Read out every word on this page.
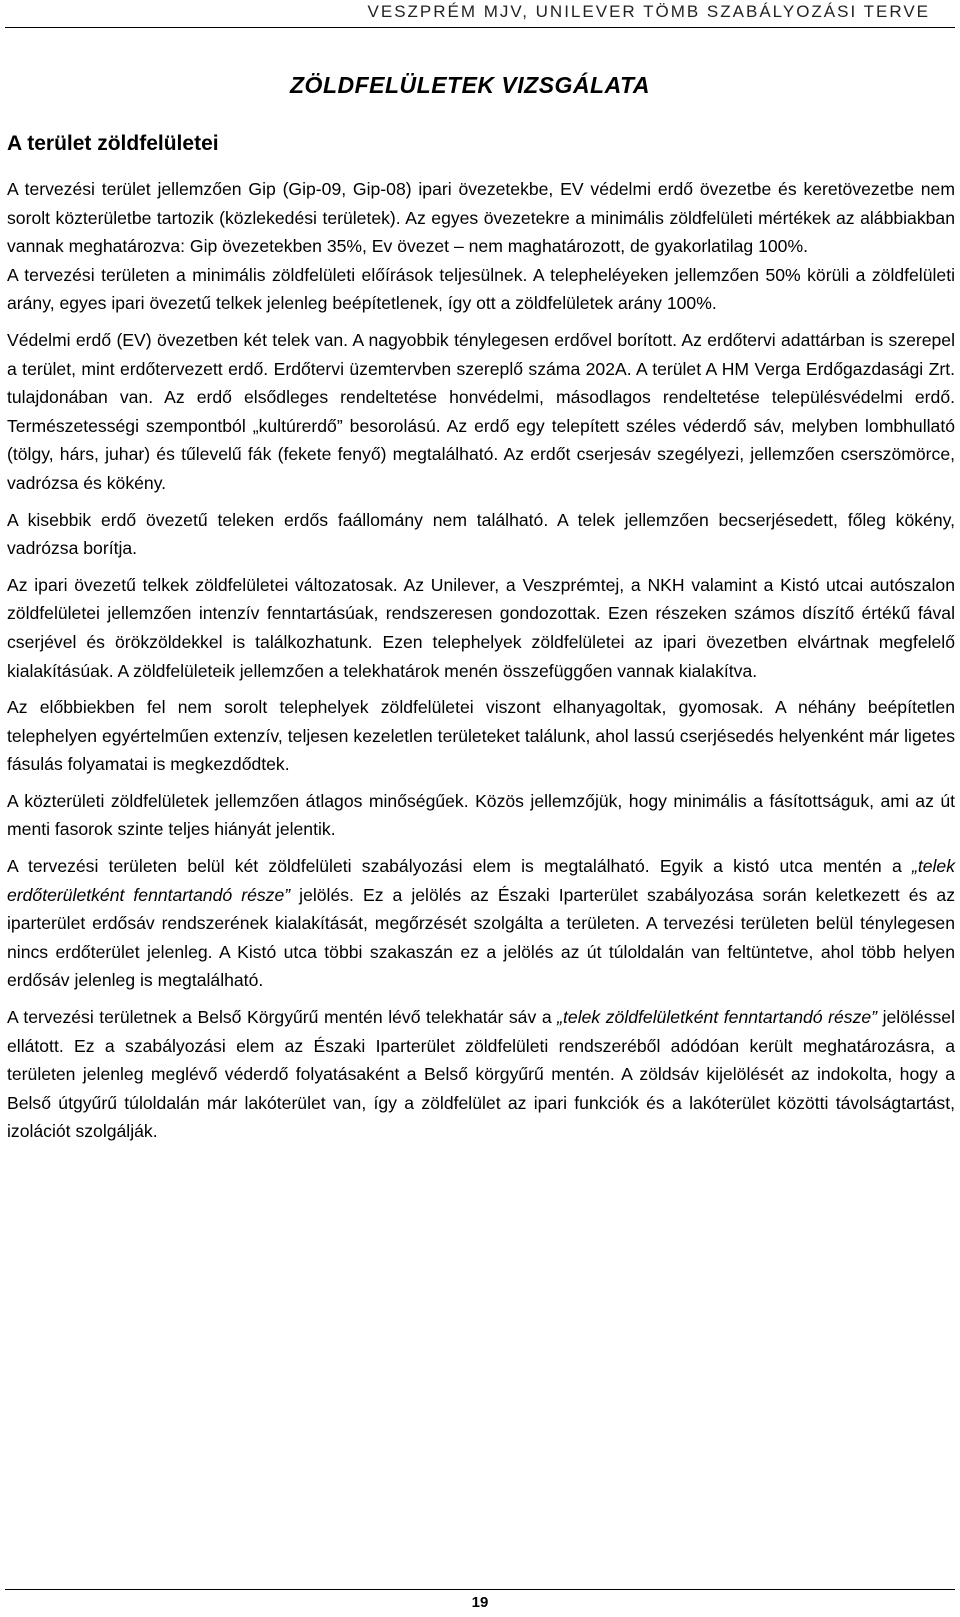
VESZPRÉM MJV, UNILEVER TÖMB SZABÁLYOZÁSI TERVE
ZÖLDFELÜLETEK VIZSGÁLATA
A terület zöldfelületei

A tervezési terület jellemzően Gip (Gip-09, Gip-08) ipari övezetekbe, EV védelmi erdő övezetbe és keretövezetbe nem sorolt közterületbe tartozik (közlekedési területek). Az egyes övezetekre a minimális zöldfelületi mértékek az alábbiakban vannak meghatározva: Gip övezetekben 35%, Ev övezet – nem maghatározott, de gyakorlatilag 100%.

A tervezési területen a minimális zöldfelületi előírások teljesülnek. A telepheléyeken jellemzően 50% körüli a zöldfelületi arány, egyes ipari övezetű telkek jelenleg beépítetlenek, így ott a zöldfelületek arány 100%.

Védelmi erdő (EV) övezetben két telek van. A nagyobbik ténylegesen erdővel borított. Az erdőtervi adattárban is szerepel a terület, mint erdőtervezett erdő. Erdőtervi üzemtervben szereplő száma 202A. A terület A HM Verga Erdőgazdasági Zrt. tulajdonában van. Az erdő elsődleges rendeltetése honvédelmi, másodlagos rendeltetése településvédelmi erdő. Természetességi szempontból „kultúrerdő” besorolású. Az erdő egy telepített széles véderdő sáv, melyben lombhullató (tölgy, hárs, juhar) és tűlevelű fák (fekete fenyő) megtalálható. Az erdőt cserjesáv szegélyezi, jellemzően cserszömörce, vadrózsa és kökény.

A kisebbik erdő övezetű teleken erdős faállomány nem található. A telek jellemzően becserjésedett, főleg kökény, vadrózsa borítja.

Az ipari övezetű telkek zöldfelületei változatosak. Az Unilever, a Veszprémtej, a NKH valamint a Kistó utcai autószalon zöldfelületei jellemzően intenzív fenntartásúak, rendszeresen gondozottak. Ezen részeken számos díszítő értékű fával cserjével és örökzöldekkel is találkozhatunk. Ezen telephelyek zöldfelületei az ipari övezetben elvártnak megfelelő kialakításúak. A zöldfelületeik jellemzően a telekhatárok menén összefüggően vannak kialakítva.

Az előbbiekben fel nem sorolt telephelyek zöldfelületei viszont elhanyagoltak, gyomosak. A néhány beépítetlen telephelyen egyértelműen extenzív, teljesen kezeletlen területeket találunk, ahol lassú cserjésedés helyenként már ligetes fásulás folyamatai is megkezdődtek.

A közterületi zöldfelületek jellemzően átlagos minőségűek. Közös jellemzőjük, hogy minimális a fásítottságuk, ami az út menti fasorok szinte teljes hiányát jelentik.

A tervezési területen belül két zöldfelületi szabályozási elem is megtalálható. Egyik a kistó utca mentén a „telek erdőterületként fenntartandó része” jelölés. Ez a jelölés az Északi Iparterület szabályozása során keletkezett és az iparterület erdősáv rendszerének kialakítását, megőrzését szolgálta a területen. A tervezési területen belül ténylegesen nincs erdőterület jelenleg. A Kistó utca többi szakaszán ez a jelölés az út túloldalán van feltüntetve, ahol több helyen erdősáv jelenleg is megtalálható.

A tervezési területnek a Belső Körgyűrű mentén lévő telekhatár sáv a „telek zöldfelületként fenntartandó része” jelöléssel ellátott. Ez a szabályozási elem az Északi Iparterület zöldfelületi rendszeréből adódóan került meghatározásra, a területen jelenleg meglévő véderdő folyatásaként a Belső körgyűrű mentén. A zöldsáv kijelölését az indokolta, hogy a Belső útgyűrű túloldalán már lakóterület van, így a zöldfelület az ipari funkciók és a lakóterület közötti távolságtartást, izolációt szolgálják.

19
